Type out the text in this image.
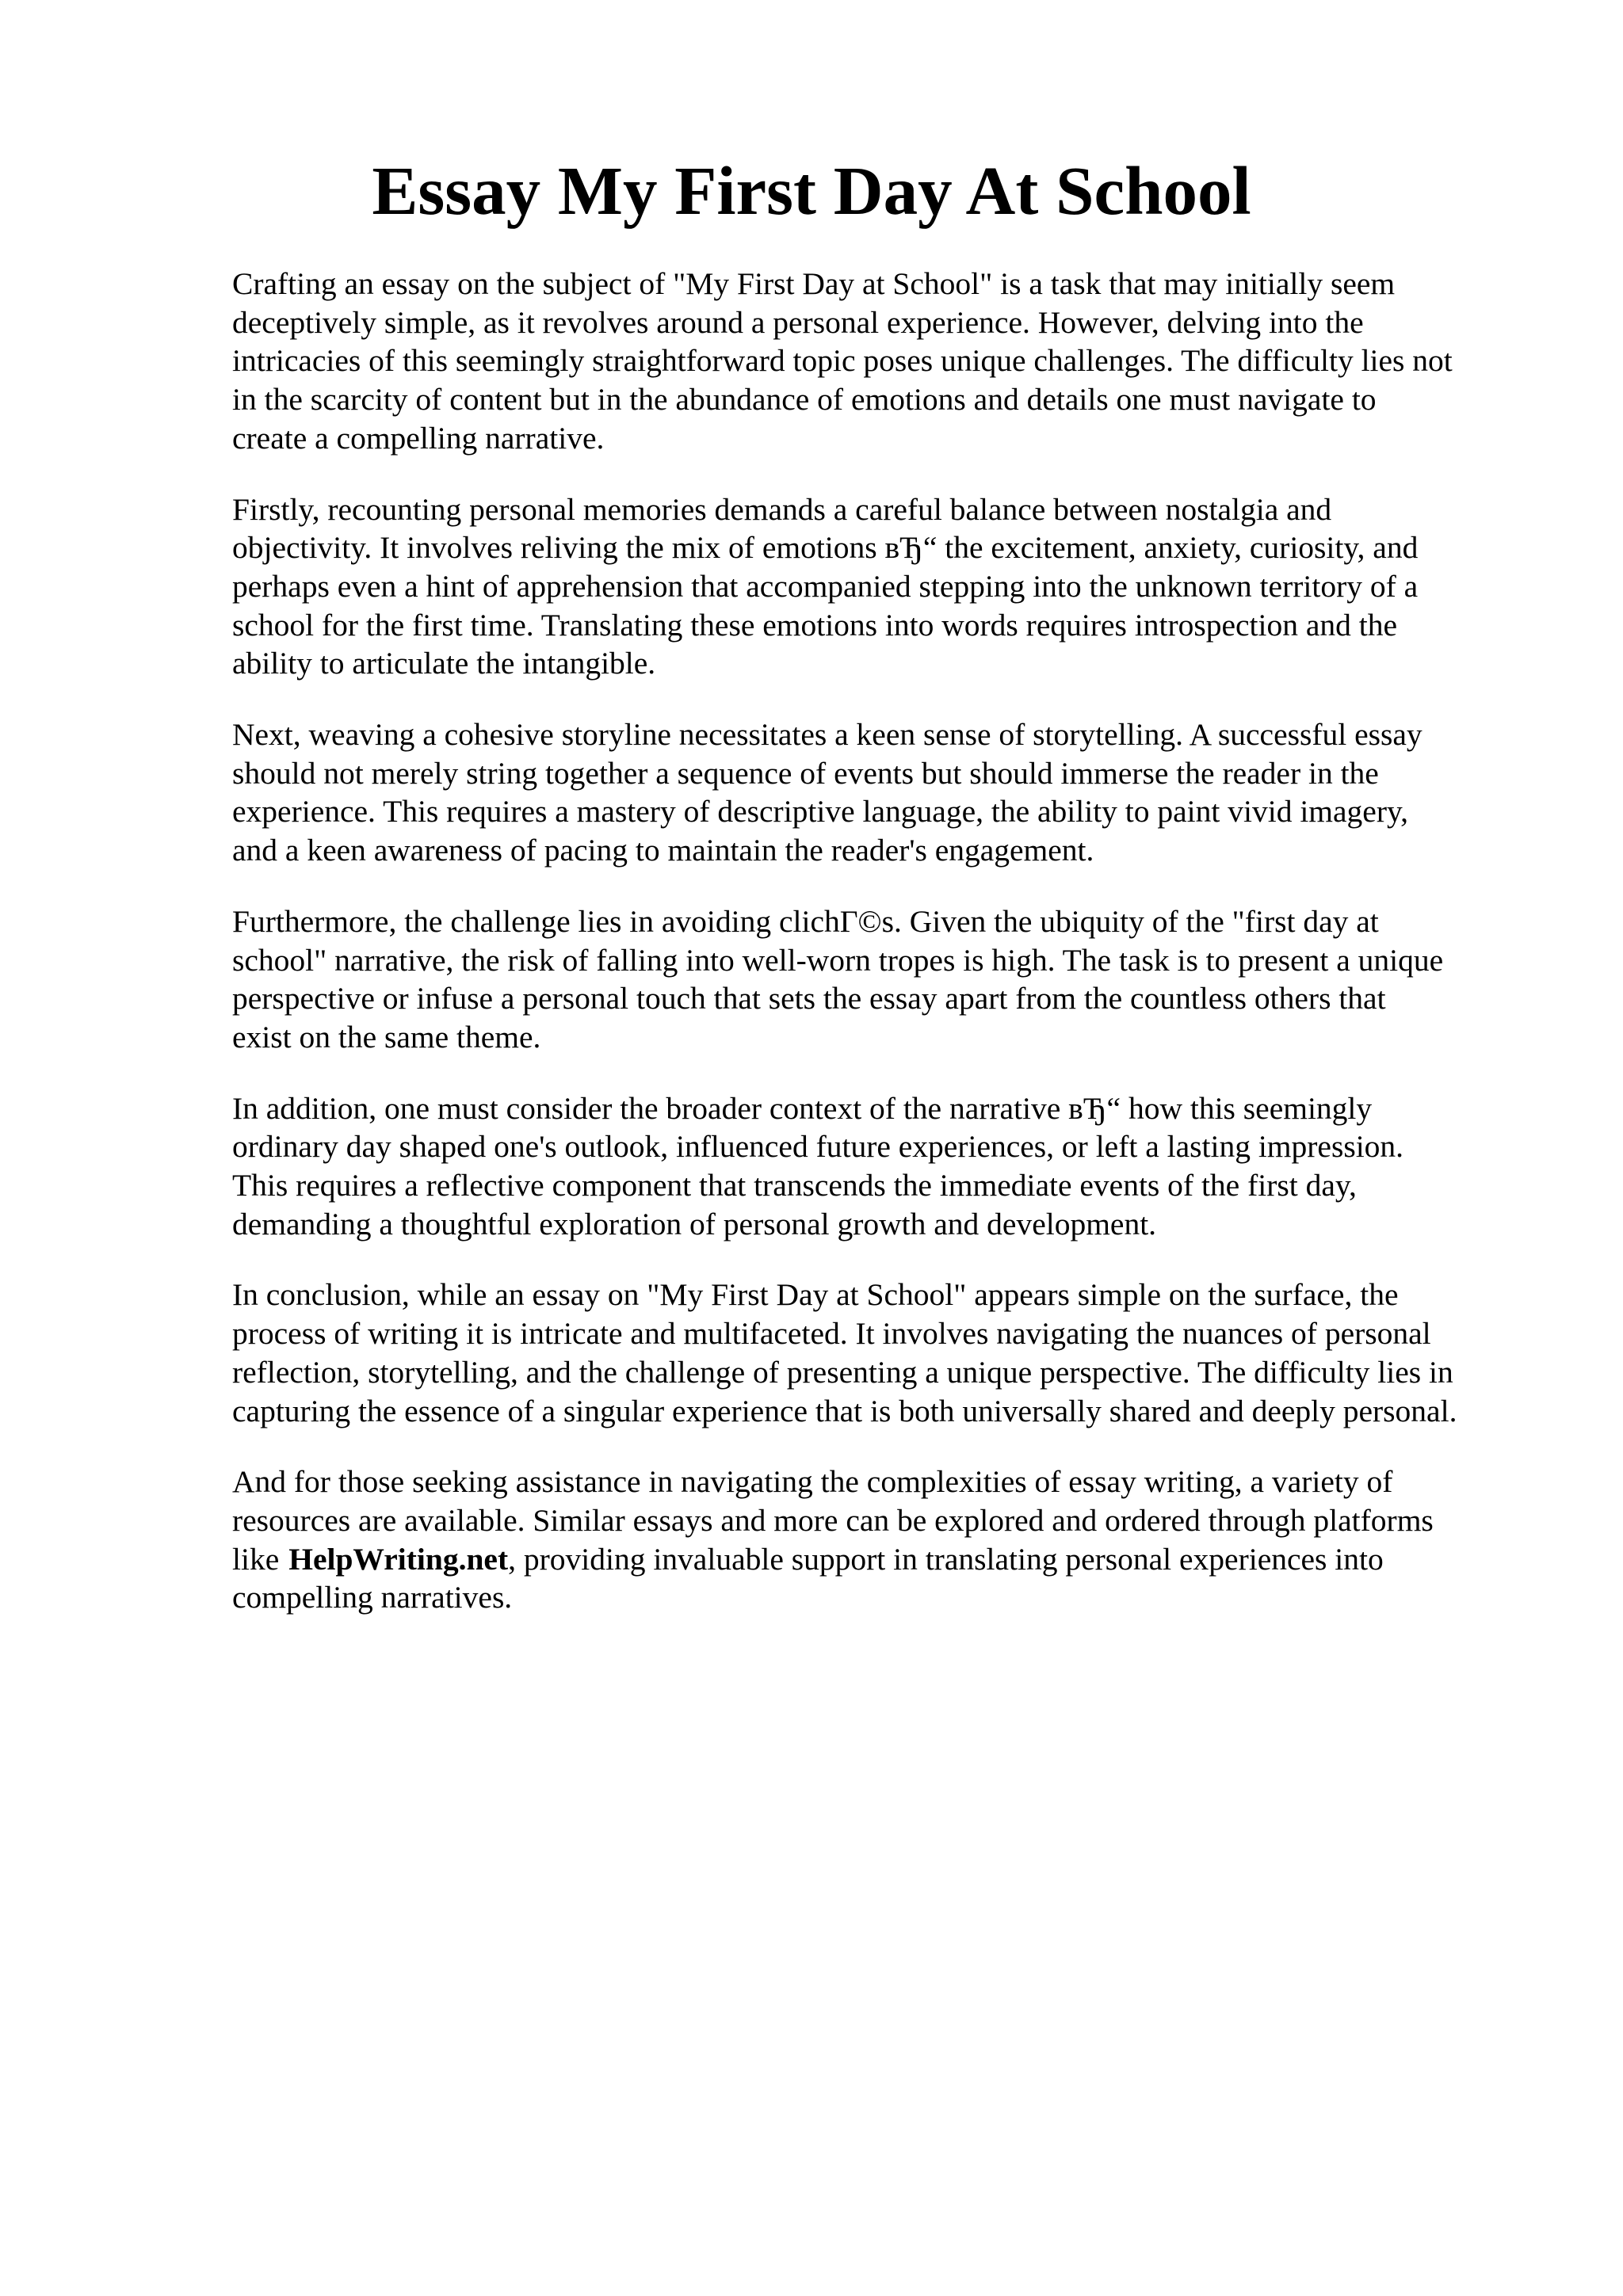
Essay My First Day At School

Crafting an essay on the subject of "My First Day at School" is a task that may initially seem
deceptively simple, as it revolves around a personal experience. However, delving into the
intricacies of this seemingly straightforward topic poses unique challenges. The difficulty lies not
in the scarcity of content but in the abundance of emotions and details one must navigate to
create a compelling narrative.

Firstly, recounting personal memories demands a careful balance between nostalgia and
objectivity. It involves reliving the mix of emotions вЂ“ the excitement, anxiety, curiosity, and
perhaps even a hint of apprehension that accompanied stepping into the unknown territory of a
school for the first time. Translating these emotions into words requires introspection and the
ability to articulate the intangible.

Next, weaving a cohesive storyline necessitates a keen sense of storytelling. A successful essay
should not merely string together a sequence of events but should immerse the reader in the
experience. This requires a mastery of descriptive language, the ability to paint vivid imagery,
and a keen awareness of pacing to maintain the reader's engagement.

Furthermore, the challenge lies in avoiding clichГ©s. Given the ubiquity of the "first day at
school" narrative, the risk of falling into well-worn tropes is high. The task is to present a unique
perspective or infuse a personal touch that sets the essay apart from the countless others that
exist on the same theme.

In addition, one must consider the broader context of the narrative вЂ“ how this seemingly
ordinary day shaped one's outlook, influenced future experiences, or left a lasting impression.
This requires a reflective component that transcends the immediate events of the first day,
demanding a thoughtful exploration of personal growth and development.

In conclusion, while an essay on "My First Day at School" appears simple on the surface, the
process of writing it is intricate and multifaceted. It involves navigating the nuances of personal
reflection, storytelling, and the challenge of presenting a unique perspective. The difficulty lies in
capturing the essence of a singular experience that is both universally shared and deeply personal.

And for those seeking assistance in navigating the complexities of essay writing, a variety of
resources are available. Similar essays and more can be explored and ordered through platforms
like HelpWriting.net, providing invaluable support in translating personal experiences into
compelling narratives.
